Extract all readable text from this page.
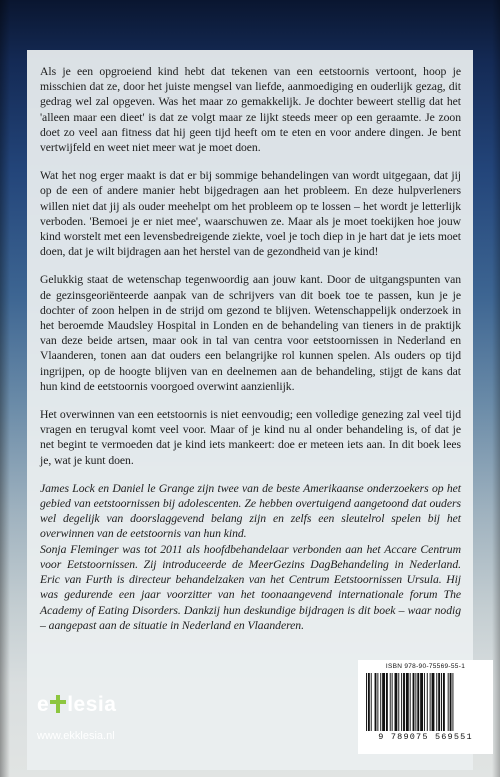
Als je een opgroeiend kind hebt dat tekenen van een eetstoornis vertoont, hoop je misschien dat ze, door het juiste mengsel van liefde, aanmoediging en ouderlijk gezag, dit gedrag wel zal opgeven. Was het maar zo gemakkelijk. Je dochter beweert stellig dat het 'alleen maar een dieet' is dat ze volgt maar ze lijkt steeds meer op een geraamte. Je zoon doet zo veel aan fitness dat hij geen tijd heeft om te eten en voor andere dingen. Je bent vertwijfeld en weet niet meer wat je moet doen.

Wat het nog erger maakt is dat er bij sommige behandelingen van wordt uitgegaan, dat jij op de een of andere manier hebt bijgedragen aan het probleem. En deze hulpverleners willen niet dat jij als ouder meehelpt om het probleem op te lossen – het wordt je letterlijk verboden. 'Bemoei je er niet mee', waarschuwen ze. Maar als je moet toekijken hoe jouw kind worstelt met een levensbedreigende ziekte, voel je toch diep in je hart dat je iets moet doen, dat je wilt bijdragen aan het herstel van de gezondheid van je kind!

Gelukkig staat de wetenschap tegenwoordig aan jouw kant. Door de uitgangspunten van de gezinsgeoriënteerde aanpak van de schrijvers van dit boek toe te passen, kun je je dochter of zoon helpen in de strijd om gezond te blijven. Wetenschappelijk onderzoek in het beroemde Maudsley Hospital in Londen en de behandeling van tieners in de praktijk van deze beide artsen, maar ook in tal van centra voor eetstoornissen in Nederland en Vlaanderen, tonen aan dat ouders een belangrijke rol kunnen spelen. Als ouders op tijd ingrijpen, op de hoogte blijven van en deelnemen aan de behandeling, stijgt de kans dat hun kind de eetstoornis voorgoed overwint aanzienlijk.

Het overwinnen van een eetstoornis is niet eenvoudig; een volledige genezing zal veel tijd vragen en terugval komt veel voor. Maar of je kind nu al onder behandeling is, of dat je net begint te vermoeden dat je kind iets mankeert: doe er meteen iets aan. In dit boek lees je, wat je kunt doen.

James Lock en Daniel le Grange zijn twee van de beste Amerikaanse onderzoekers op het gebied van eetstoornissen bij adolescenten. Ze hebben overtuigend aangetoond dat ouders wel degelijk van doorslaggevend belang zijn en zelfs een sleutelrol spelen bij het overwinnen van de eetstoornis van hun kind.

Sonja Fleminger was tot 2011 als hoofdbehandelaar verbonden aan het Accare Centrum voor Eetstoornissen. Zij introduceerde de MeerGezins DagBehandeling in Nederland. Eric van Furth is directeur behandelzaken van het Centrum Eetstoornissen Ursula. Hij was gedurende een jaar voorzitter van het toonaangevend internationale forum The Academy of Eating Disorders. Dankzij hun deskundige bijdragen is dit boek – waar nodig – aangepast aan de situatie in Nederland en Vlaanderen.

e lesia
www.ekklesia.nl
ISBN 978-90-75569-55-1
9 789075 569551
